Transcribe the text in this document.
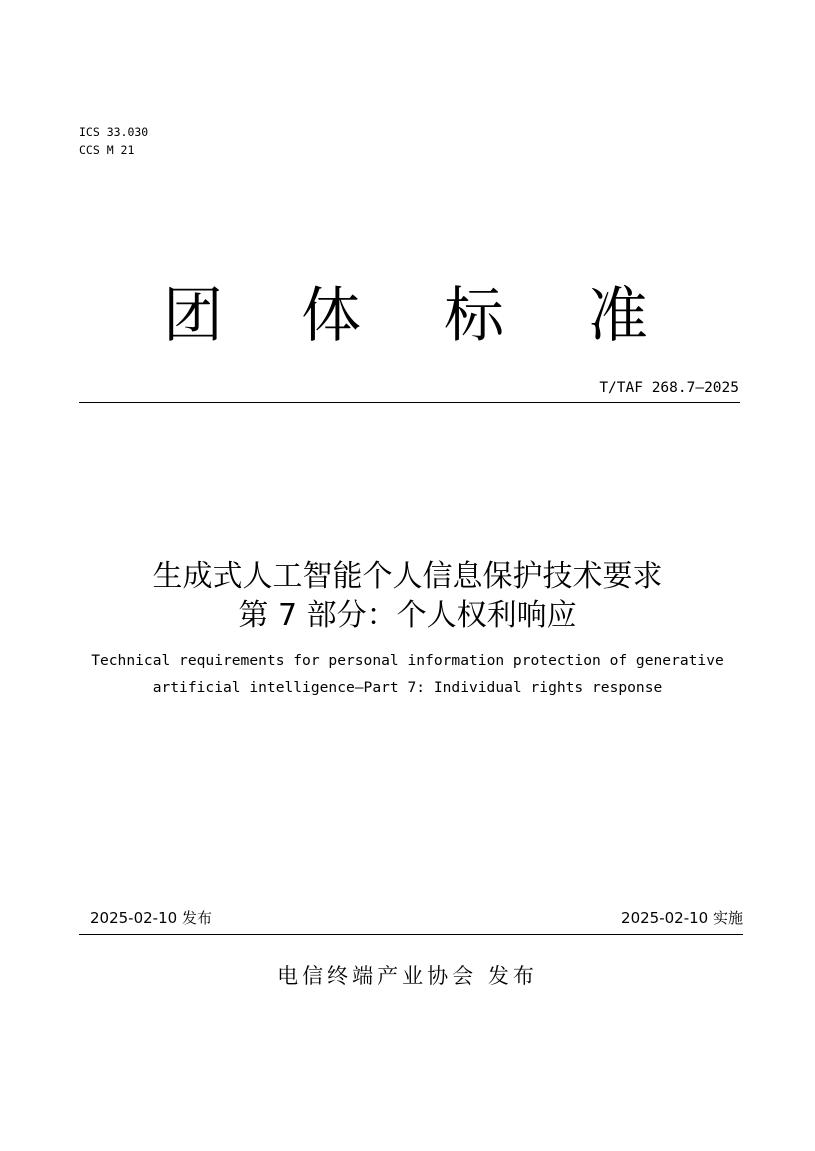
ICS 33.030
CCS M 21
团 体 标 准
T/TAF 268.7—2025
生成式人工智能个人信息保护技术要求
第 7 部分：个人权利响应
Technical requirements for personal information protection of generative
artificial intelligence—Part 7: Individual rights response
2025-02-10 发布	2025-02-10 实施
电信终端产业协会 发布
